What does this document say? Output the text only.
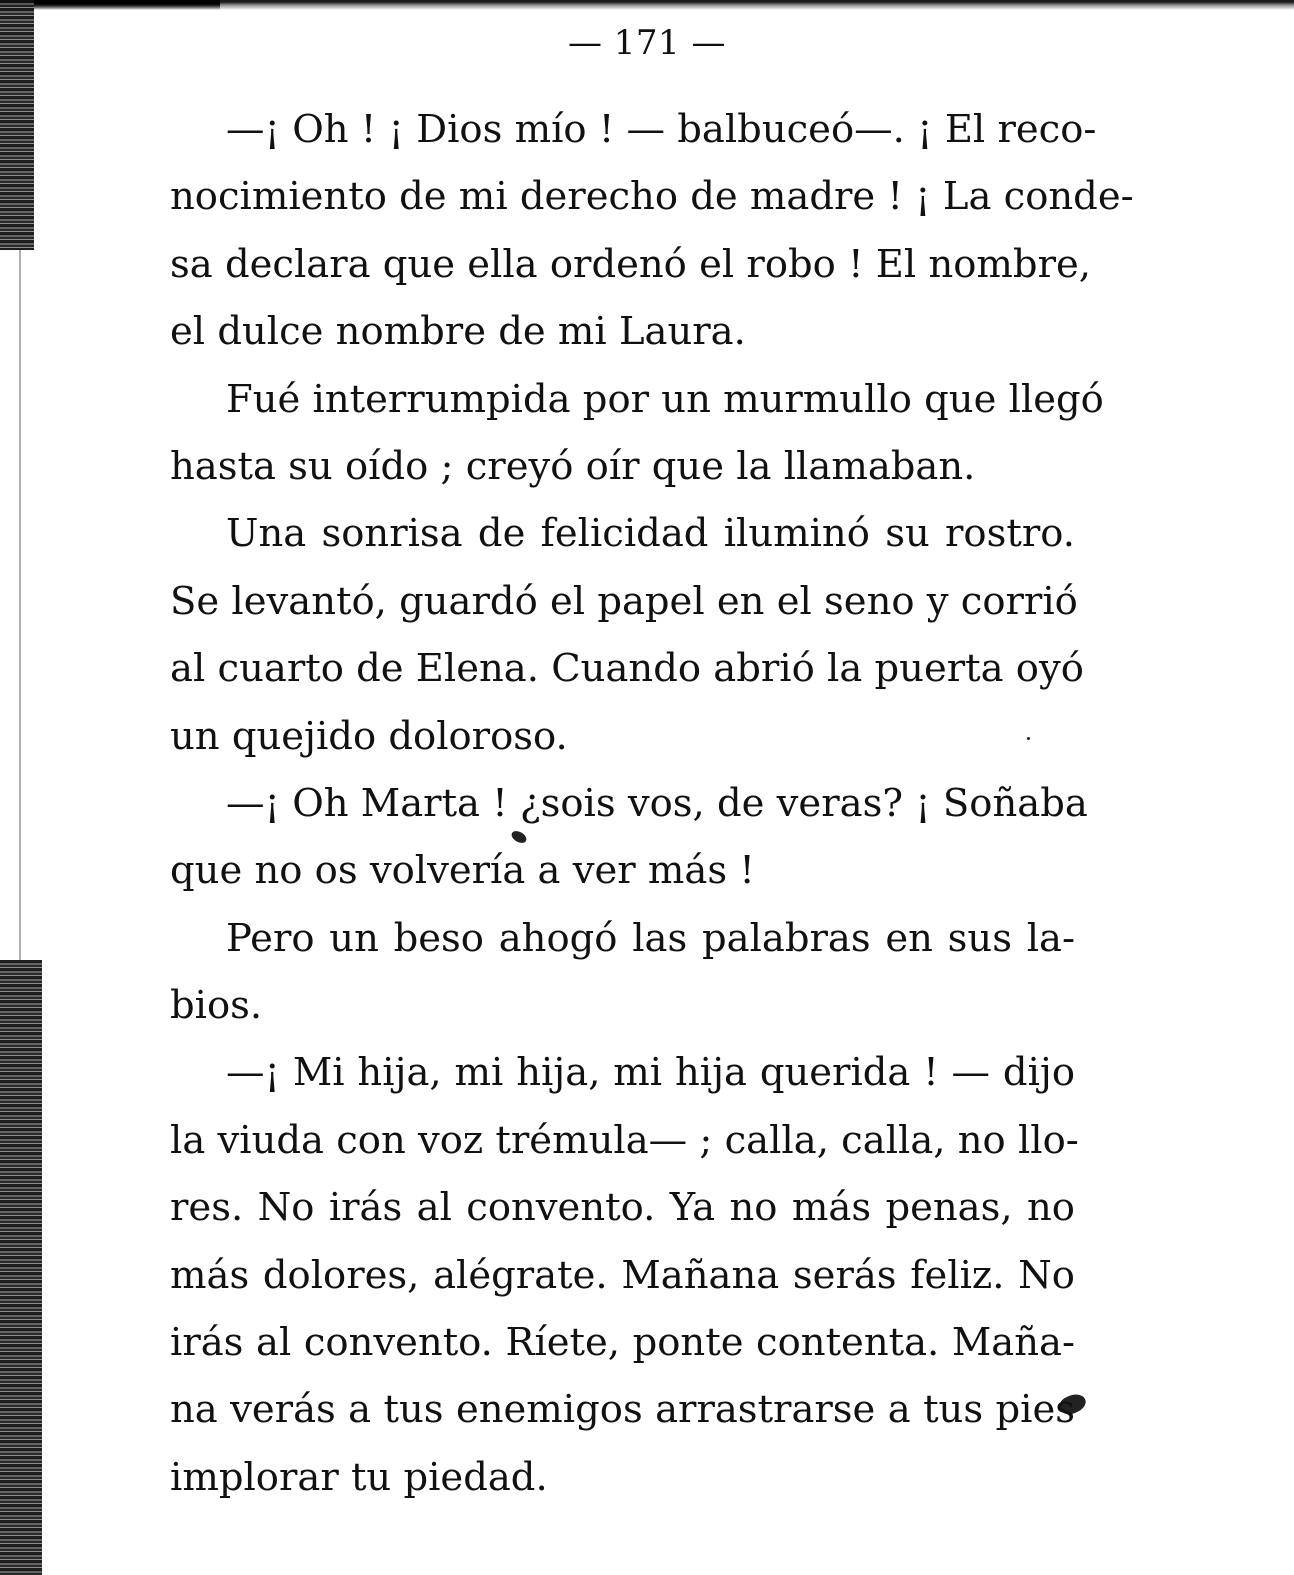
— 171 —
—¡ Oh ! ¡ Dios mío ! — balbuceó—. ¡ El reco-
nocimiento de mi derecho de madre ! ¡ La conde-
sa declara que ella ordenó el robo ! El nombre,
el dulce nombre de mi Laura.
Fué interrumpida por un murmullo que llegó
hasta su oído ; creyó oír que la llamaban.
Una sonrisa de felicidad iluminó su rostro.
Se levantó, guardó el papel en el seno y corrió
al cuarto de Elena. Cuando abrió la puerta oyó
un quejido doloroso.
—¡ Oh Marta ! ¿sois vos, de veras? ¡ Soñaba
que no os volvería a ver más !
Pero un beso ahogó las palabras en sus la-
bios.
—¡ Mi hija, mi hija, mi hija querida ! — dijo
la viuda con voz trémula— ; calla, calla, no llo-
res. No irás al convento. Ya no más penas, no
más dolores, alégrate. Mañana serás feliz. No
irás al convento. Ríete, ponte contenta. Maña-
na verás a tus enemigos arrastrarse a tus pies
implorar tu piedad.
